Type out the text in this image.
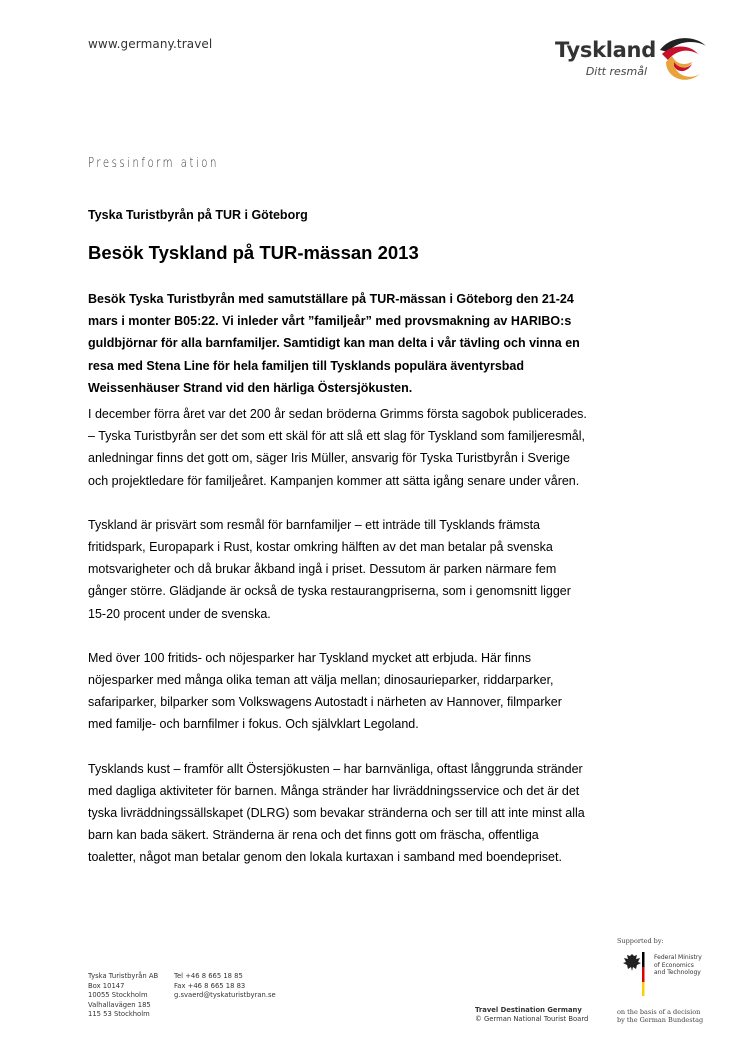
www.germany.travel	Tyskland
Ditt resmål
Pressinform ation
Tyska Turistbyrån på TUR i Göteborg
Besök Tyskland på TUR-mässan 2013
Besök Tyska Turistbyrån med samutställare på TUR-mässan i Göteborg den 21-24
mars i monter B05:22. Vi inleder vårt ”familjeår” med provsmakning av HARIBO:s
guldbjörnar för alla barnfamiljer. Samtidigt kan man delta i vår tävling och vinna en
resa med Stena Line för hela familjen till Tysklands populära äventyrsbad
Weissenhäuser Strand vid den härliga Östersjökusten.
I december förra året var det 200 år sedan bröderna Grimms första sagobok publicerades.
– Tyska Turistbyrån ser det som ett skäl för att slå ett slag för Tyskland som familjeresmål,
anledningar finns det gott om, säger Iris Müller, ansvarig för Tyska Turistbyrån i Sverige
och projektledare för familjeåret. Kampanjen kommer att sätta igång senare under våren.
Tyskland är prisvärt som resmål för barnfamiljer – ett inträde till Tysklands främsta
fritidspark, Europapark i Rust, kostar omkring hälften av det man betalar på svenska
motsvarigheter och då brukar åkband ingå i priset. Dessutom är parken närmare fem
gånger större. Glädjande är också de tyska restaurangpriserna, som i genomsnitt ligger
15-20 procent under de svenska.
Med över 100 fritids- och nöjesparker har Tyskland mycket att erbjuda. Här finns
nöjesparker med många olika teman att välja mellan; dinosaurieparker, riddarparker,
safariparker, bilparker som Volkswagens Autostadt i närheten av Hannover, filmparker
med familje- och barnfilmer i fokus. Och självklart Legoland.
Tysklands kust – framför allt Östersjökusten – har barnvänliga, oftast långgrunda stränder
med dagliga aktiviteter för barnen. Många stränder har livräddningsservice och det är det
tyska livräddningssällskapet (DLRG) som bevakar stränderna och ser till att inte minst alla
barn kan bada säkert. Stränderna är rena och det finns gott om fräscha, offentliga
toaletter, något man betalar genom den lokala kurtaxan i samband med boendepriset.
Supported by:
Federal Ministry
of Economics
and Technology
Tyska Turistbyrån AB
Box 10147
10055 Stockholm
Valhallavägen 185
115 53 Stockholm
Tel +46 8 665 18 85
Fax +46 8 665 18 83
g.svaerd@tyskaturistbyran.se
Travel Destination Germany
© German National Tourist Board
on the basis of a decision
by the German Bundestag
